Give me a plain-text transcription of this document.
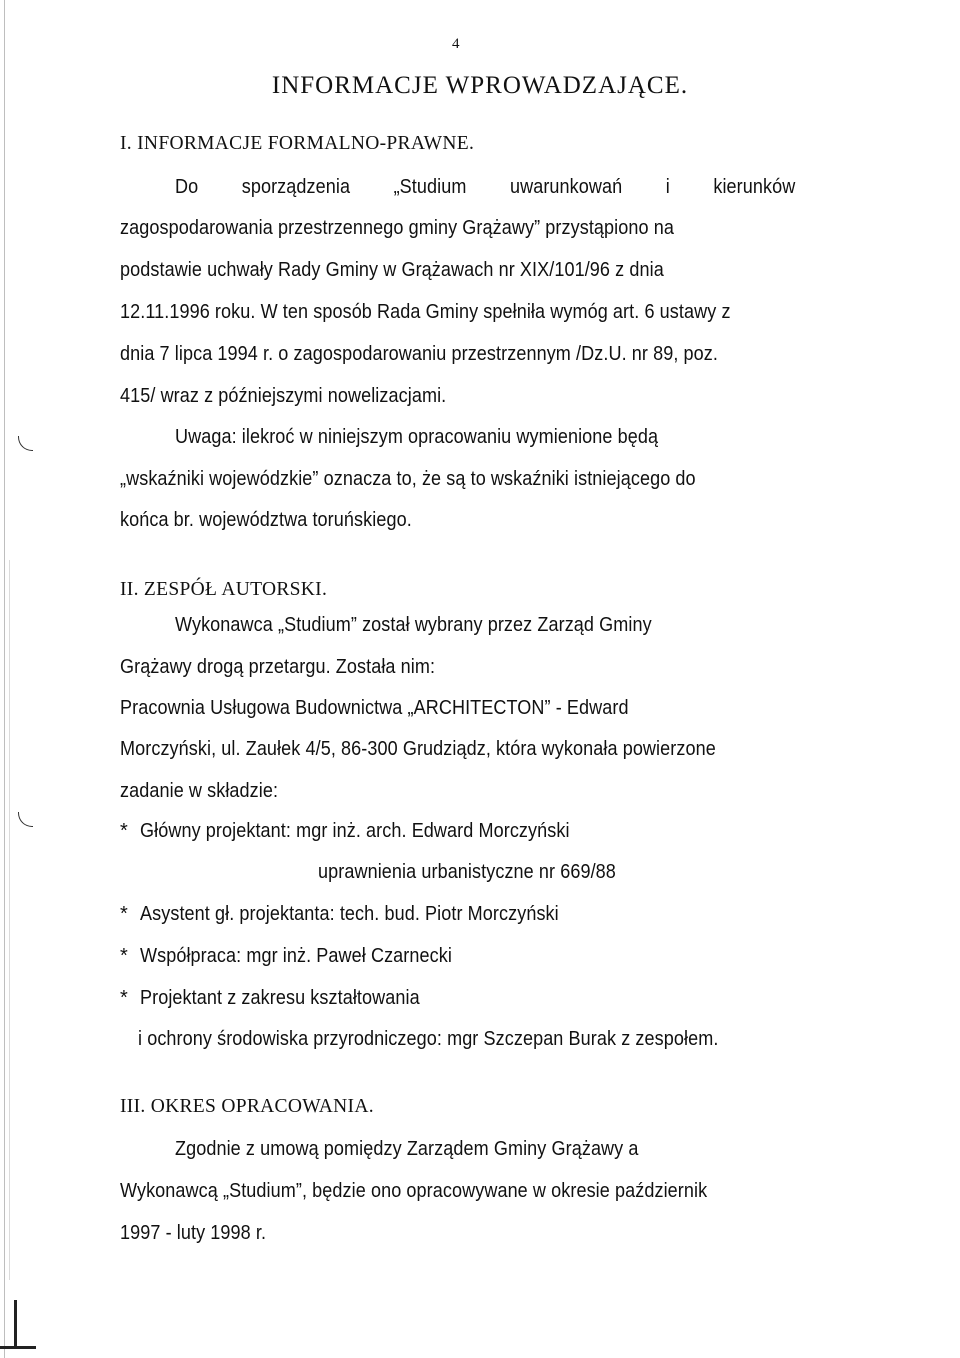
4
INFORMACJE WPROWADZAJĄCE.
I. INFORMACJE FORMALNO-PRAWNE.
Do sporządzenia „Studium uwarunkowań i kierunków
zagospodarowania przestrzennego gminy Grążawy” przystąpiono na
podstawie uchwały Rady Gminy w Grążawach nr XIX/101/96 z dnia
12.11.1996 roku. W ten sposób Rada Gminy spełniła wymóg art. 6 ustawy z
dnia 7 lipca 1994 r. o zagospodarowaniu przestrzennym /Dz.U. nr 89, poz.
415/ wraz z późniejszymi nowelizacjami.
Uwaga: ilekroć w niniejszym opracowaniu wymienione będą
„wskaźniki wojewódzkie” oznacza to, że są to wskaźniki istniejącego do
końca br. województwa toruńskiego.
II. ZESPÓŁ AUTORSKI.
Wykonawca „Studium” został wybrany przez Zarząd Gminy
Grążawy drogą przetargu. Została nim:
Pracownia Usługowa Budownictwa „ARCHITECTON” - Edward
Morczyński, ul. Zaułek 4/5, 86-300 Grudziądz, która wykonała powierzone
zadanie w składzie:
* Główny projektant: mgr inż. arch. Edward Morczyński
uprawnienia urbanistyczne nr 669/88
* Asystent gł. projektanta: tech. bud. Piotr Morczyński
* Współpraca: mgr inż. Paweł Czarnecki
* Projektant z zakresu kształtowania
i ochrony środowiska przyrodniczego: mgr Szczepan Burak z zespołem.
III. OKRES OPRACOWANIA.
Zgodnie z umową pomiędzy Zarządem Gminy Grążawy a
Wykonawcą „Studium”, będzie ono opracowywane w okresie październik
1997 - luty 1998 r.
